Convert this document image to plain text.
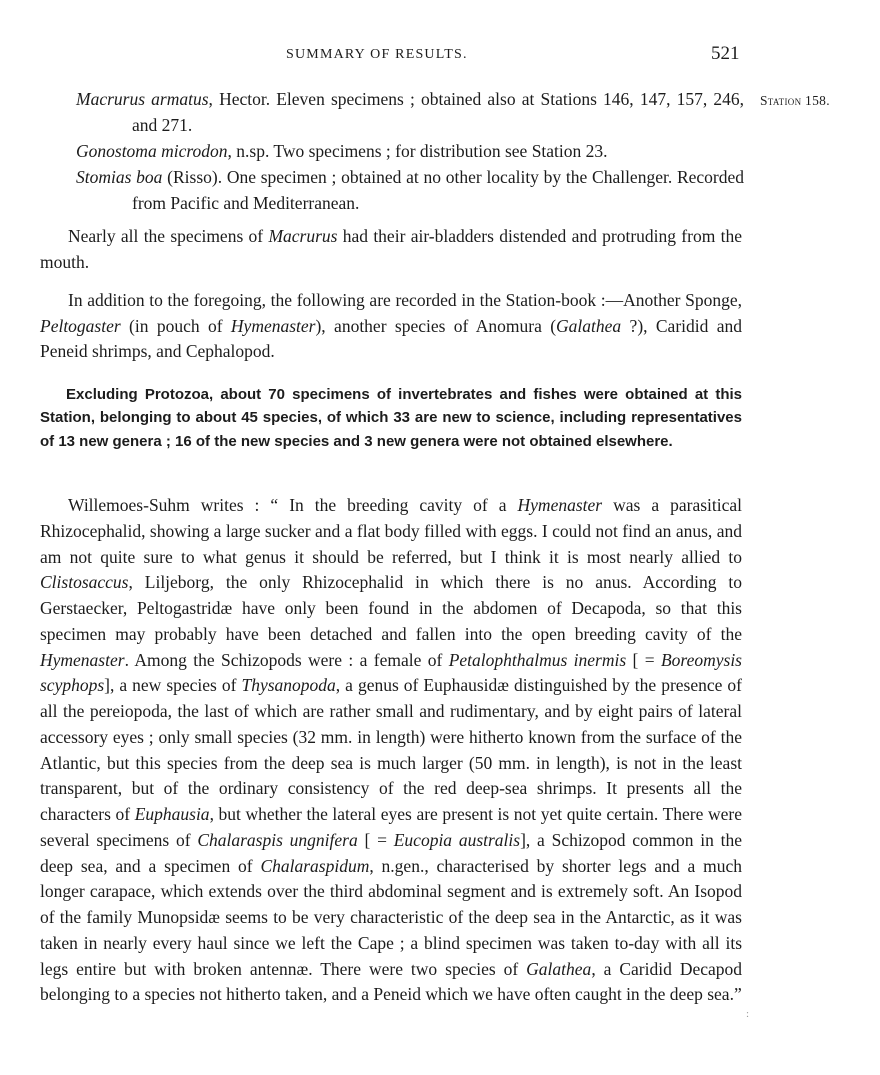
SUMMARY OF RESULTS.	521
Station 158.
Macrurus armatus, Hector. Eleven specimens ; obtained also at Stations 146, 147, 157, 246, and 271.
Gonostoma microdon, n.sp. Two specimens ; for distribution see Station 23.
Stomias boa (Risso). One specimen ; obtained at no other locality by the Challenger. Recorded from Pacific and Mediterranean.

Nearly all the specimens of Macrurus had their air-bladders distended and protruding from the mouth.

In addition to the foregoing, the following are recorded in the Station-book :—Another Sponge, Peltogaster (in pouch of Hymenaster), another species of Anomura (Galathea ?), Caridid and Peneid shrimps, and Cephalopod.

Excluding Protozoa, about 70 specimens of invertebrates and fishes were obtained at this Station, belonging to about 45 species, of which 33 are new to science, including representatives of 13 new genera ; 16 of the new species and 3 new genera were not obtained elsewhere.

Willemoes-Suhm writes : “ In the breeding cavity of a Hymenaster was a parasitical Rhizocephalid, showing a large sucker and a flat body filled with eggs. I could not find an anus, and am not quite sure to what genus it should be referred, but I think it is most nearly allied to Clistosaccus, Liljeborg, the only Rhizocephalid in which there is no anus. According to Gerstaecker, Peltogastridæ have only been found in the abdomen of Decapoda, so that this specimen may probably have been detached and fallen into the open breeding cavity of the Hymenaster. Among the Schizopods were : a female of Petalophthalmus inermis [ = Boreomysis scyphops], a new species of Thysanopoda, a genus of Euphausidæ distinguished by the presence of all the pereiopoda, the last of which are rather small and rudimentary, and by eight pairs of lateral accessory eyes ; only small species (32 mm. in length) were hitherto known from the surface of the Atlantic, but this species from the deep sea is much larger (50 mm. in length), is not in the least transparent, but of the ordinary consistency of the red deep-sea shrimps. It presents all the characters of Euphausia, but whether the lateral eyes are present is not yet quite certain. There were several specimens of Chalaraspis ungnifera [ = Eucopia australis], a Schizopod common in the deep sea, and a specimen of Chalaraspidum, n.gen., characterised by shorter legs and a much longer carapace, which extends over the third abdominal segment and is extremely soft. An Isopod of the family Munopsidæ seems to be very characteristic of the deep sea in the Antarctic, as it was taken in nearly every haul since we left the Cape ; a blind specimen was taken to-day with all its legs entire but with broken antennæ. There were two species of Galathea, a Caridid Decapod belonging to a species not hitherto taken, and a Peneid which we have often caught in the deep sea.”

:
